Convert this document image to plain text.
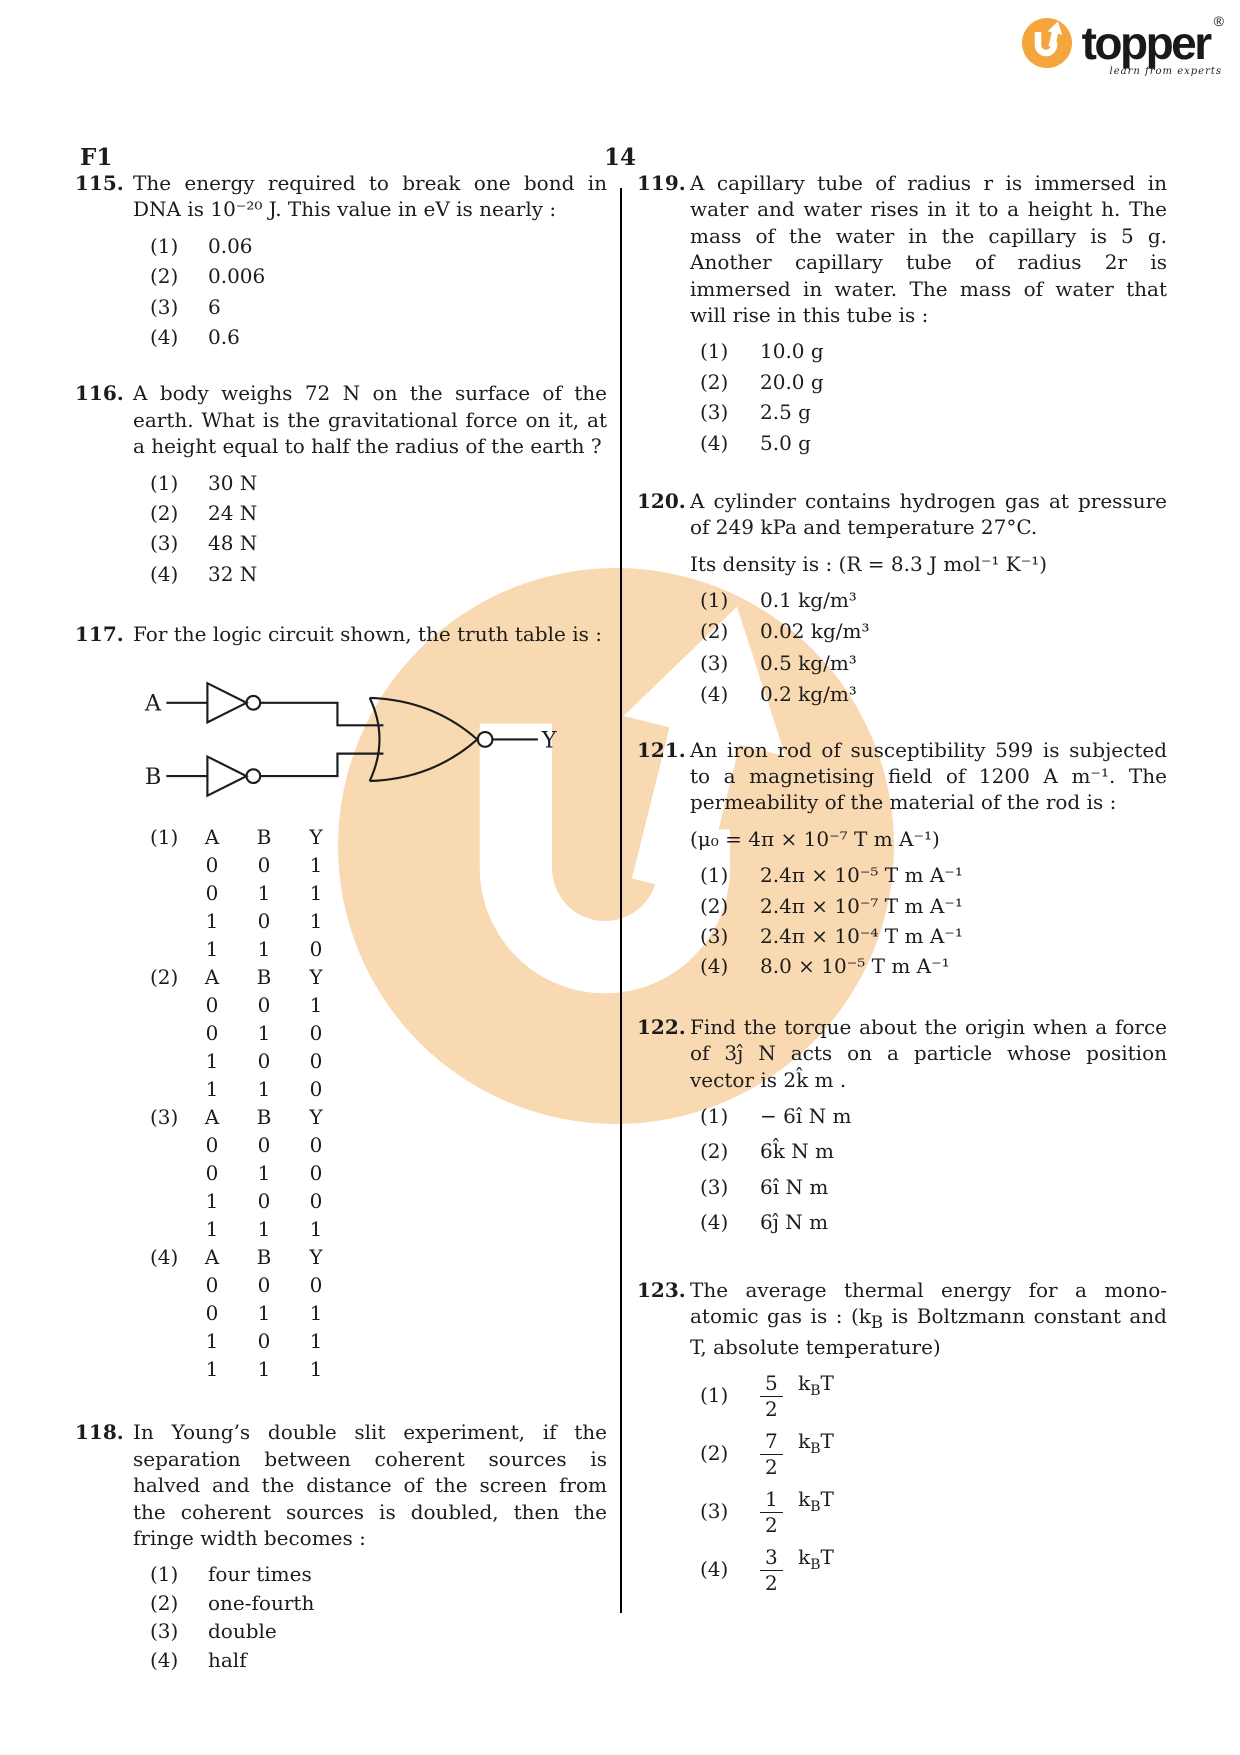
topper ®
learn from experts
F1	14
115. The energy required to break one bond in DNA is 10⁻²⁰ J. This value in eV is nearly :

(1)	0.06
(2)	0.006
(3)	6
(4)	0.6
116. A body weighs 72 N on the surface of the earth. What is the gravitational force on it, at a height equal to half the radius of the earth ?

(1)	30 N
(2)	24 N
(3)	48 N
(4)	32 N
117. For the logic circuit shown, the truth table is :

A
B
Y
(1)	A	B	Y
0	0	1
0	1	1
1	0	1
1	1	0
(2)	A	B	Y
0	0	1
0	1	0
1	0	0
1	1	0
(3)	A	B	Y
0	0	0
0	1	0
1	0	0
1	1	1
(4)	A	B	Y
0	0	0
0	1	1
1	0	1
1	1	1
118. In Young’s double slit experiment, if the separation between coherent sources is halved and the distance of the screen from the coherent sources is doubled, then the fringe width becomes :

(1)	four times
(2)	one-fourth
(3)	double
(4)	half
119. A capillary tube of radius r is immersed in water and water rises in it to a height h. The mass of the water in the capillary is 5 g. Another capillary tube of radius 2r is immersed in water. The mass of water that will rise in this tube is :

(1)	10.0 g
(2)	20.0 g
(3)	2.5 g
(4)	5.0 g
120. A cylinder contains hydrogen gas at pressure of 249 kPa and temperature 27°C.

Its density is : (R = 8.3 J mol⁻¹ K⁻¹)

(1)	0.1 kg/m³
(2)	0.02 kg/m³
(3)	0.5 kg/m³
(4)	0.2 kg/m³
121. An iron rod of susceptibility 599 is subjected to a magnetising field of 1200 A m⁻¹. The permeability of the material of the rod is :

(μ₀ = 4π × 10⁻⁷ T m A⁻¹)

(1)	2.4π × 10⁻⁵ T m A⁻¹
(2)	2.4π × 10⁻⁷ T m A⁻¹
(3)	2.4π × 10⁻⁴ T m A⁻¹
(4)	8.0 × 10⁻⁵ T m A⁻¹
122. Find the torque about the origin when a force of 3ĵ N acts on a particle whose position vector is 2k̂ m .

(1)	− 6î N m
(2)	6k̂ N m
(3)	6î N m
(4)	6ĵ N m
123. The average thermal energy for a mono-atomic gas is : ($k_B$ is Boltzmann constant and T, absolute temperature)

(1)	$\frac{5}{2} k_BT$
(2)	$\frac{7}{2} k_BT$
(3)	$\frac{1}{2} k_BT$
(4)	$\frac{3}{2} k_BT$
